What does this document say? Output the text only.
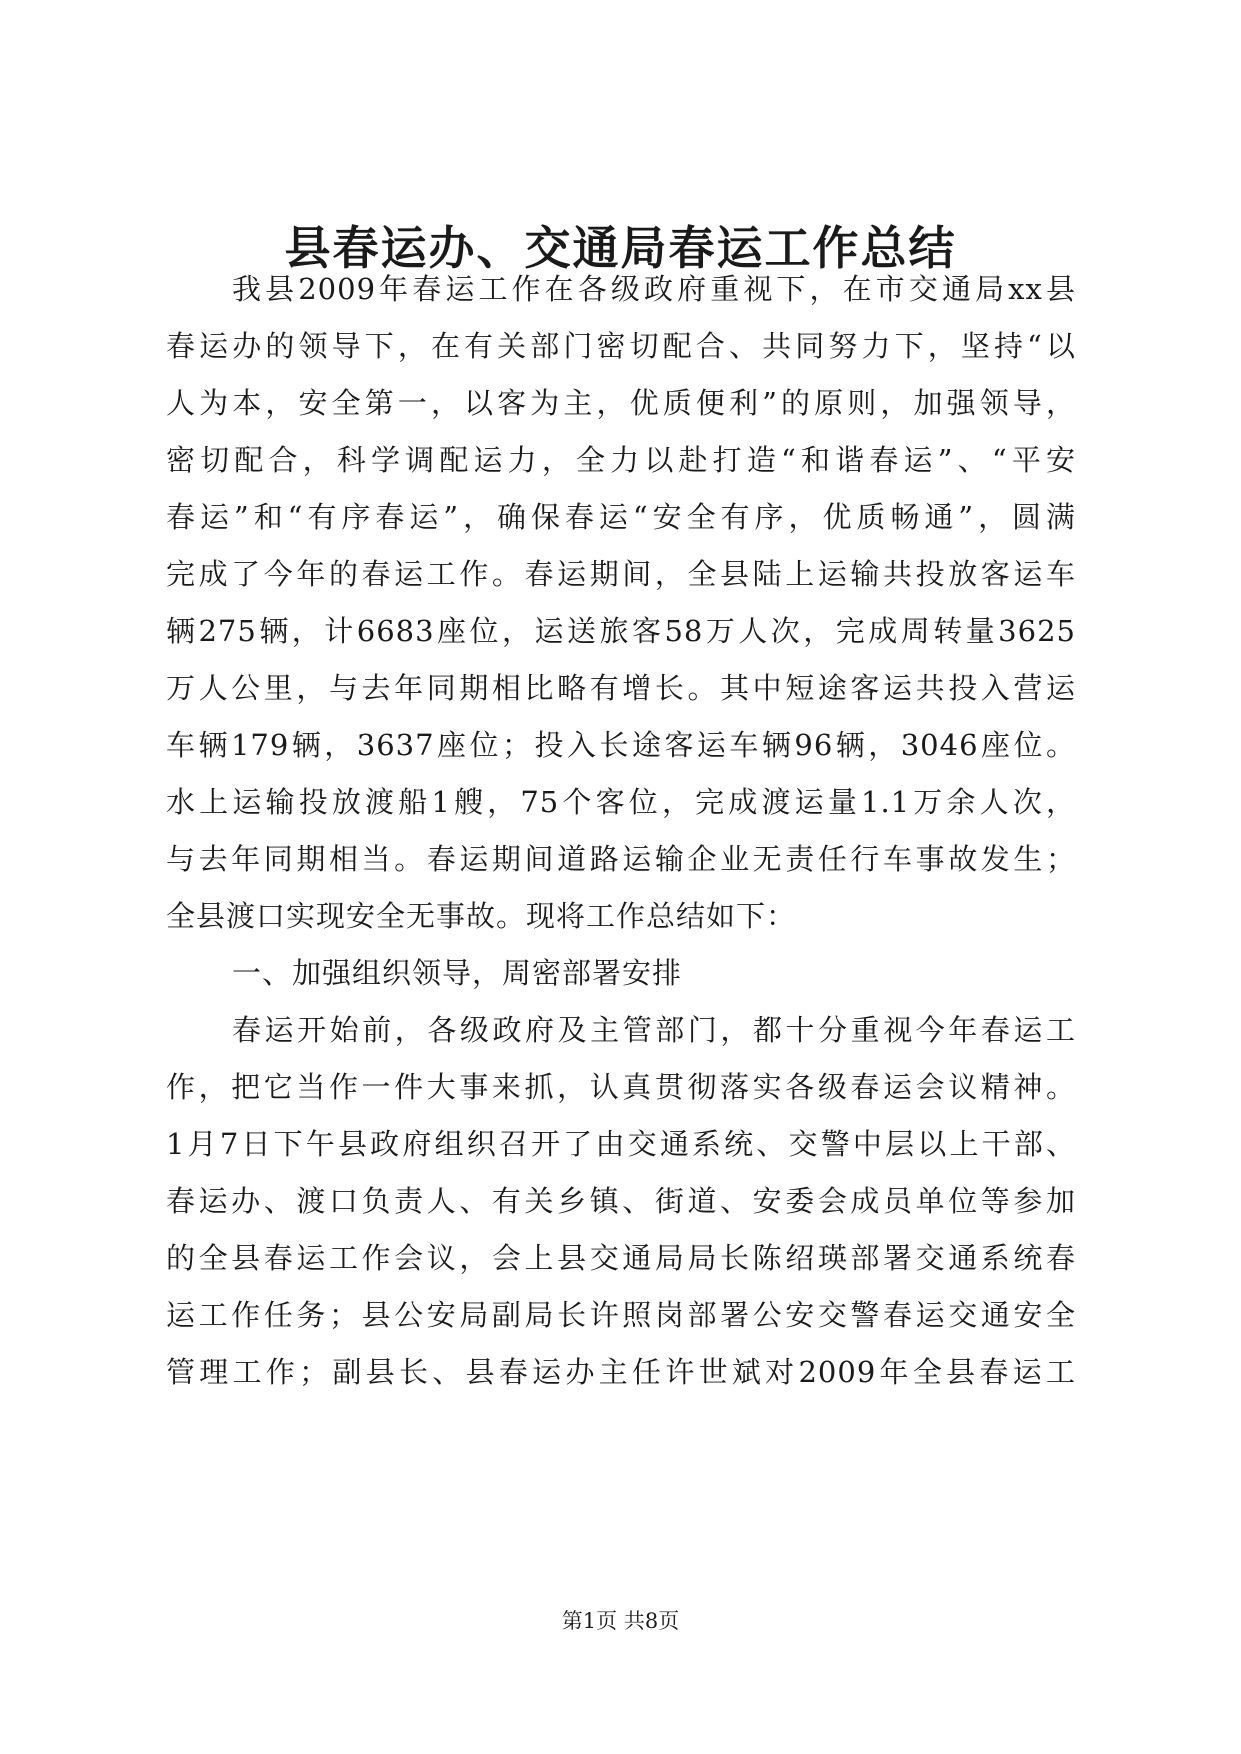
县春运办、交通局春运工作总结

我县2009年春运工作在各级政府重视下，在市交通局xx县

春运办的领导下，在有关部门密切配合、共同努力下，坚持“以

人为本，安全第一，以客为主，优质便利”的原则，加强领导，

密切配合，科学调配运力，全力以赴打造“和谐春运”、“平安

春运”和“有序春运”，确保春运“安全有序，优质畅通”，圆满

完成了今年的春运工作。春运期间，全县陆上运输共投放客运车

辆275辆，计6683座位，运送旅客58万人次，完成周转量3625

万人公里，与去年同期相比略有增长。其中短途客运共投入营运

车辆179辆，3637座位；投入长途客运车辆96辆，3046座位。

水上运输投放渡船1艘，75个客位，完成渡运量1.1万余人次，

与去年同期相当。春运期间道路运输企业无责任行车事故发生；

全县渡口实现安全无事故。现将工作总结如下：

一、加强组织领导，周密部署安排

春运开始前，各级政府及主管部门，都十分重视今年春运工

作，把它当作一件大事来抓，认真贯彻落实各级春运会议精神。

1月7日下午县政府组织召开了由交通系统、交警中层以上干部、

春运办、渡口负责人、有关乡镇、街道、安委会成员单位等参加

的全县春运工作会议，会上县交通局局长陈绍瑛部署交通系统春

运工作任务；县公安局副局长许照岗部署公安交警春运交通安全

管理工作；副县长、县春运办主任许世斌对2009年全县春运工

第1页 共8页
